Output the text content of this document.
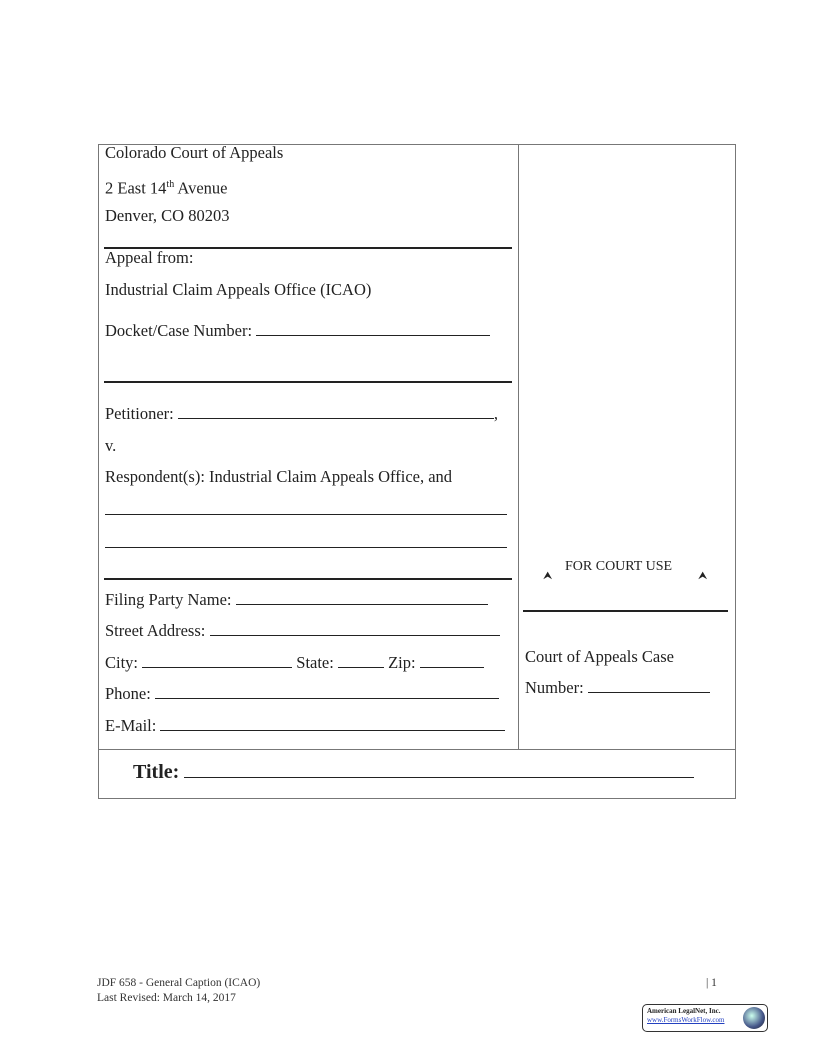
Colorado Court of Appeals
2 East 14th Avenue
Denver, CO 80203
Appeal from:
Industrial Claim Appeals Office (ICAO)
Docket/Case Number:
Petitioner:	,
v.
Respondent(s): Industrial Claim Appeals Office, and
Filing Party Name:
Street Address:
City:	State:	Zip:
Phone:
E-Mail:
⮝
FOR COURT USE
⮝
Court of Appeals Case
Number:
Title:
JDF 658 - General Caption (ICAO)
Last Revised: March 14, 2017
| 1
American LegalNet, Inc.
www.FormsWorkFlow.com
